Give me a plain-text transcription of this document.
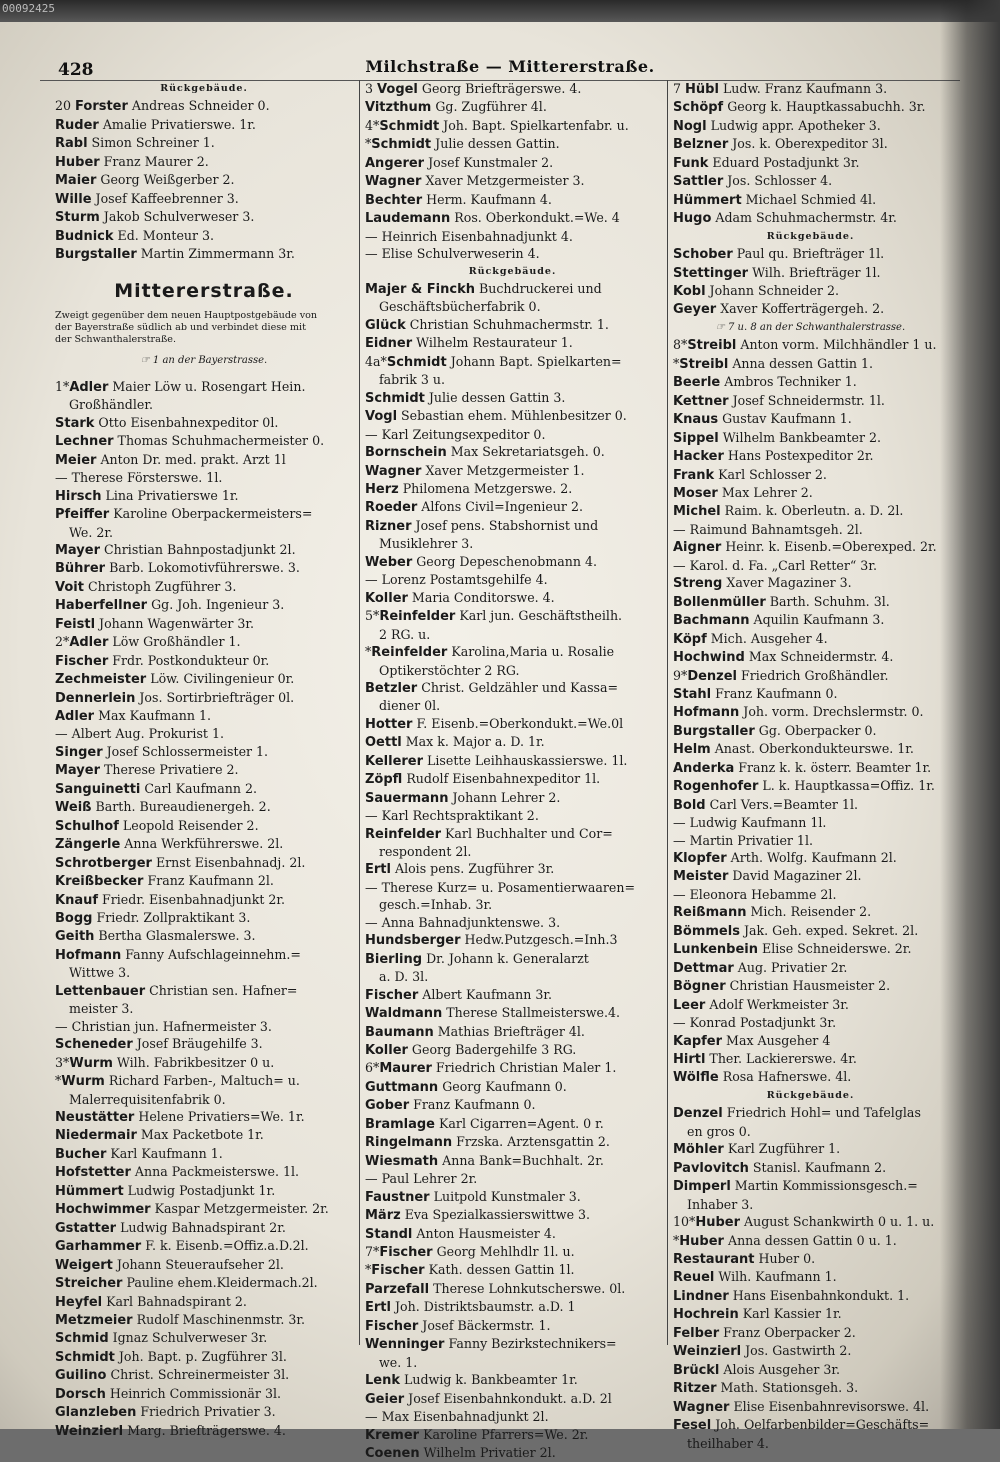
00092425
428	Milchstraße — Mittererstraße.
Rückgebäude.
20 Forster Andreas Schneider 0.
Ruder Amalie Privatierswe. 1r.
Rabl Simon Schreiner 1.
Huber Franz Maurer 2.
Maier Georg Weißgerber 2.
Wille Josef Kaffeebrenner 3.
Sturm Jakob Schulverweser 3.
Budnick Ed. Monteur 3.
Burgstaller Martin Zimmermann 3r.
Mittererstraße.
Zweigt gegenüber dem neuen Hauptpostgebäude von
der Bayerstraße südlich ab und verbindet diese mit
der Schwanthalerstraße.
☞ 1 an der Bayerstrasse.
1*Adler Maier Löw u. Rosengart Hein.
Großhändler.
Stark Otto Eisenbahnexpeditor 0l.
Lechner Thomas Schuhmachermeister 0.
Meier Anton Dr. med. prakt. Arzt 1l
— Therese Försterswe. 1l.
Hirsch Lina Privatierswe 1r.
Pfeiffer Karoline Oberpackermeisters=
We. 2r.
Mayer Christian Bahnpostadjunkt 2l.
Bührer Barb. Lokomotivführerswe. 3.
Voit Christoph Zugführer 3.
Haberfellner Gg. Joh. Ingenieur 3.
Feistl Johann Wagenwärter 3r.
2*Adler Löw Großhändler 1.
Fischer Frdr. Postkondukteur 0r.
Zechmeister Löw. Civilingenieur 0r.
Dennerlein Jos. Sortirbriefträger 0l.
Adler Max Kaufmann 1.
— Albert Aug. Prokurist 1.
Singer Josef Schlossermeister 1.
Mayer Therese Privatiere 2.
Sanguinetti Carl Kaufmann 2.
Weiß Barth. Bureaudienergeh. 2.
Schulhof Leopold Reisender 2.
Zängerle Anna Werkführerswe. 2l.
Schrotberger Ernst Eisenbahnadj. 2l.
Kreißbecker Franz Kaufmann 2l.
Knauf Friedr. Eisenbahnadjunkt 2r.
Bogg Friedr. Zollpraktikant 3.
Geith Bertha Glasmalerswe. 3.
Hofmann Fanny Aufschlageinnehm.=
Wittwe 3.
Lettenbauer Christian sen. Hafner=
meister 3.
— Christian jun. Hafnermeister 3.
Scheneder Josef Bräugehilfe 3.
3*Wurm Wilh. Fabrikbesitzer 0 u.
*Wurm Richard Farben-, Maltuch= u.
Malerrequisitenfabrik 0.
Neustätter Helene Privatiers=We. 1r.
Niedermair Max Packetbote 1r.
Bucher Karl Kaufmann 1.
Hofstetter Anna Packmeisterswe. 1l.
Hümmert Ludwig Postadjunkt 1r.
Hochwimmer Kaspar Metzgermeister. 2r.
Gstatter Ludwig Bahnadspirant 2r.
Garhammer F. k. Eisenb.=Offiz.a.D.2l.
Weigert Johann Steueraufseher 2l.
Streicher Pauline ehem.Kleidermach.2l.
Heyfel Karl Bahnadspirant 2.
Metzmeier Rudolf Maschinenmstr. 3r.
Schmid Ignaz Schulverweser 3r.
Schmidt Joh. Bapt. p. Zugführer 3l.
Guilino Christ. Schreinermeister 3l.
Dorsch Heinrich Commissionär 3l.
Glanzleben Friedrich Privatier 3.
Weinzierl Marg. Briefträgerswe. 4.
3 Vogel Georg Briefträgerswe. 4.
Vitzthum Gg. Zugführer 4l.
4*Schmidt Joh. Bapt. Spielkartenfabr. u.
*Schmidt Julie dessen Gattin.
Angerer Josef Kunstmaler 2.
Wagner Xaver Metzgermeister 3.
Bechter Herm. Kaufmann 4.
Laudemann Ros. Oberkondukt.=We. 4
— Heinrich Eisenbahnadjunkt 4.
— Elise Schulverweserin 4.
Rückgebäude.
Majer & Finckh Buchdruckerei und
Geschäftsbücherfabrik 0.
Glück Christian Schuhmachermstr. 1.
Eidner Wilhelm Restaurateur 1.
4a*Schmidt Johann Bapt. Spielkarten=
fabrik 3 u.
Schmidt Julie dessen Gattin 3.
Vogl Sebastian ehem. Mühlenbesitzer 0.
— Karl Zeitungsexpeditor 0.
Bornschein Max Sekretariatsgeh. 0.
Wagner Xaver Metzgermeister 1.
Herz Philomena Metzgerswe. 2.
Roeder Alfons Civil=Ingenieur 2.
Rizner Josef pens. Stabshornist und
Musiklehrer 3.
Weber Georg Depeschenobmann 4.
— Lorenz Postamtsgehilfe 4.
Koller Maria Conditorswe. 4.
5*Reinfelder Karl jun. Geschäftstheilh.
2 RG. u.
*Reinfelder Karolina,Maria u. Rosalie
Optikerstöchter 2 RG.
Betzler Christ. Geldzähler und Kassa=
diener 0l.
Hotter F. Eisenb.=Oberkondukt.=We.0l
Oettl Max k. Major a. D. 1r.
Kellerer Lisette Leihhauskassierswe. 1l.
Zöpfl Rudolf Eisenbahnexpeditor 1l.
Sauermann Johann Lehrer 2.
— Karl Rechtspraktikant 2.
Reinfelder Karl Buchhalter und Cor=
respondent 2l.
Ertl Alois pens. Zugführer 3r.
— Therese Kurz= u. Posamentierwaaren=
gesch.=Inhab. 3r.
— Anna Bahnadjunktenswe. 3.
Hundsberger Hedw.Putzgesch.=Inh.3
Bierling Dr. Johann k. Generalarzt
a. D. 3l.
Fischer Albert Kaufmann 3r.
Waldmann Therese Stallmeisterswe.4.
Baumann Mathias Briefträger 4l.
Koller Georg Badergehilfe 3 RG.
6*Maurer Friedrich Christian Maler 1.
Guttmann Georg Kaufmann 0.
Gober Franz Kaufmann 0.
Bramlage Karl Cigarren=Agent. 0 r.
Ringelmann Frzska. Arztensgattin 2.
Wiesmath Anna Bank=Buchhalt. 2r.
— Paul Lehrer 2r.
Faustner Luitpold Kunstmaler 3.
März Eva Spezialkassierswittwe 3.
Standl Anton Hausmeister 4.
7*Fischer Georg Mehlhdlr 1l. u.
*Fischer Kath. dessen Gattin 1l.
Parzefall Therese Lohnkutscherswe. 0l.
Ertl Joh. Distriktsbaumstr. a.D. 1
Fischer Josef Bäckermstr. 1.
Wenninger Fanny Bezirkstechnikers=
we. 1.
Lenk Ludwig k. Bankbeamter 1r.
Geier Josef Eisenbahnkondukt. a.D. 2l
— Max Eisenbahnadjunkt 2l.
Kremer Karoline Pfarrers=We. 2r.
Coenen Wilhelm Privatier 2l.
7 Hübl Ludw. Franz Kaufmann 3.
Schöpf Georg k. Hauptkassabuchh. 3r.
Nogl Ludwig appr. Apotheker 3.
Belzner Jos. k. Oberexpeditor 3l.
Funk Eduard Postadjunkt 3r.
Sattler Jos. Schlosser 4.
Hümmert Michael Schmied 4l.
Hugo Adam Schuhmachermstr. 4r.
Rückgebäude.
Schober Paul qu. Briefträger 1l.
Stettinger Wilh. Briefträger 1l.
Kobl Johann Schneider 2.
Geyer Xaver Kofferträgergeh. 2.
☞ 7 u. 8 an der Schwanthalerstrasse.
8*Streibl Anton vorm. Milchhändler 1 u.
*Streibl Anna dessen Gattin 1.
Beerle Ambros Techniker 1.
Kettner Josef Schneidermstr. 1l.
Knaus Gustav Kaufmann 1.
Sippel Wilhelm Bankbeamter 2.
Hacker Hans Postexpeditor 2r.
Frank Karl Schlosser 2.
Moser Max Lehrer 2.
Michel Raim. k. Oberleutn. a. D. 2l.
— Raimund Bahnamtsgeh. 2l.
Aigner Heinr. k. Eisenb.=Oberexped. 2r.
— Karol. d. Fa. „Carl Retter“ 3r.
Streng Xaver Magaziner 3.
Bollenmüller Barth. Schuhm. 3l.
Bachmann Aquilin Kaufmann 3.
Köpf Mich. Ausgeher 4.
Hochwind Max Schneidermstr. 4.
9*Denzel Friedrich Großhändler.
Stahl Franz Kaufmann 0.
Hofmann Joh. vorm. Drechslermstr. 0.
Burgstaller Gg. Oberpacker 0.
Helm Anast. Oberkondukteurswe. 1r.
Anderka Franz k. k. österr. Beamter 1r.
Rogenhofer L. k. Hauptkassa=Offiz. 1r.
Bold Carl Vers.=Beamter 1l.
— Ludwig Kaufmann 1l.
— Martin Privatier 1l.
Klopfer Arth. Wolfg. Kaufmann 2l.
Meister David Magaziner 2l.
— Eleonora Hebamme 2l.
Reißmann Mich. Reisender 2.
Bömmels Jak. Geh. exped. Sekret. 2l.
Lunkenbein Elise Schneiderswe. 2r.
Dettmar Aug. Privatier 2r.
Bögner Christian Hausmeister 2.
Leer Adolf Werkmeister 3r.
— Konrad Postadjunkt 3r.
Kapfer Max Ausgeher 4
Hirtl Ther. Lackiererswe. 4r.
Wölfle Rosa Hafnerswe. 4l.
Rückgebäude.
Denzel Friedrich Hohl= und Tafelglas
en gros 0.
Möhler Karl Zugführer 1.
Pavlovitch Stanisl. Kaufmann 2.
Dimperl Martin Kommissionsgesch.=
Inhaber 3.
10*Huber August Schankwirth 0 u. 1. u.
*Huber Anna dessen Gattin 0 u. 1.
Restaurant Huber 0.
Reuel Wilh. Kaufmann 1.
Lindner Hans Eisenbahnkondukt. 1.
Hochrein Karl Kassier 1r.
Felber Franz Oberpacker 2.
Weinzierl Jos. Gastwirth 2.
Brückl Alois Ausgeher 3r.
Ritzer Math. Stationsgeh. 3.
Wagner Elise Eisenbahnrevisorswe. 4l.
Fesel Joh. Oelfarbenbilder=Geschäfts=
theilhaber 4.
